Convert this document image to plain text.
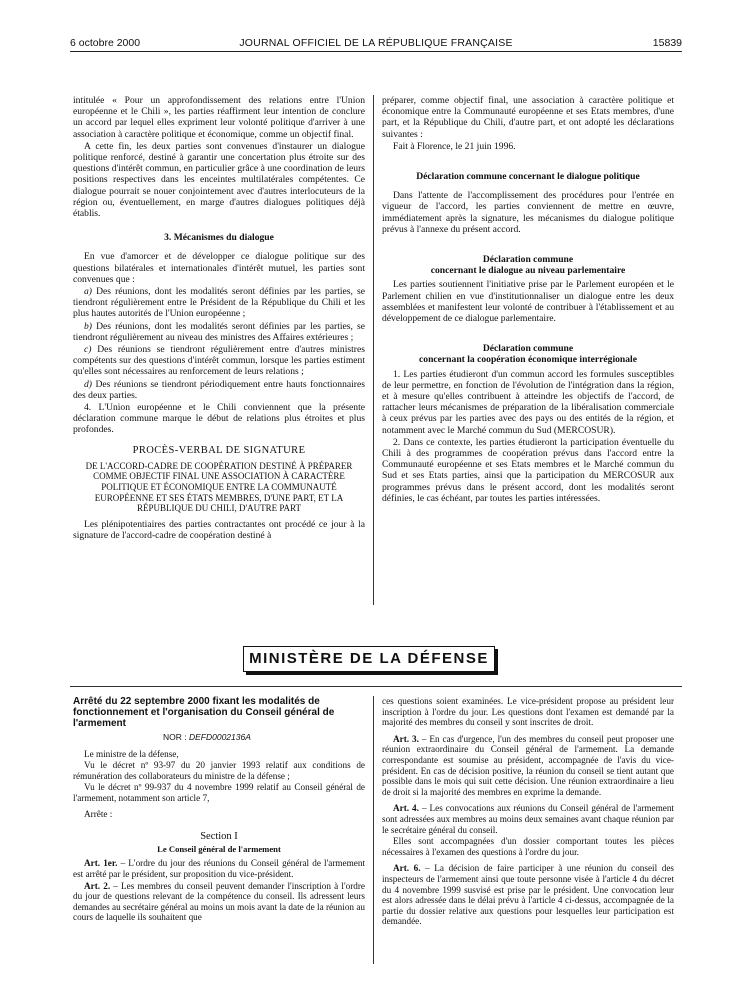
6 octobre 2000	JOURNAL OFFICIEL DE LA RÉPUBLIQUE FRANÇAISE	15839

intitulée « Pour un approfondissement des relations entre l'Union européenne et le Chili », les parties réaffirment leur intention de conclure un accord par lequel elles expriment leur volonté politique d'arriver à une association à caractère politique et économique, comme un objectif final.

A cette fin, les deux parties sont convenues d'instaurer un dialogue politique renforcé, destiné à garantir une concertation plus étroite sur des questions d'intérêt commun, en particulier grâce à une coordination de leurs positions respectives dans les enceintes multilatérales compétentes. Ce dialogue pourrait se nouer conjointement avec d'autres interlocuteurs de la région ou, éventuellement, en marge d'autres dialogues politiques déjà établis.

3. Mécanismes du dialogue

En vue d'amorcer et de développer ce dialogue politique sur des questions bilatérales et internationales d'intérêt mutuel, les parties sont convenues que :

a) Des réunions, dont les modalités seront définies par les parties, se tiendront régulièrement entre le Président de la République du Chili et les plus hautes autorités de l'Union européenne ;

b) Des réunions, dont les modalités seront définies par les parties, se tiendront régulièrement au niveau des ministres des Affaires extérieures ;

c) Des réunions se tiendront régulièrement entre d'autres ministres compétents sur des questions d'intérêt commun, lorsque les parties estiment qu'elles sont nécessaires au renforcement de leurs relations ;

d) Des réunions se tiendront périodiquement entre hauts fonctionnaires des deux parties.

4. L'Union européenne et le Chili conviennent que la présente déclaration commune marque le début de relations plus étroites et plus profondes.

PROCÈS-VERBAL DE SIGNATURE
DE L'ACCORD-CADRE DE COOPÉRATION DESTINÉ À PRÉPARER COMME OBJECTIF FINAL UNE ASSOCIATION À CARACTÈRE POLITIQUE ET ÉCONOMIQUE ENTRE LA COMMUNAUTÉ EUROPÉENNE ET SES ÉTATS MEMBRES, D'UNE PART, ET LA RÉPUBLIQUE DU CHILI, D'AUTRE PART

Les plénipotentiaires des parties contractantes ont procédé ce jour à la signature de l'accord-cadre de coopération destiné à

préparer, comme objectif final, une association à caractère politique et économique entre la Communauté européenne et ses Etats membres, d'une part, et la République du Chili, d'autre part, et ont adopté les déclarations suivantes :

Fait à Florence, le 21 juin 1996.

Déclaration commune concernant le dialogue politique

Dans l'attente de l'accomplissement des procédures pour l'entrée en vigueur de l'accord, les parties conviennent de mettre en œuvre, immédiatement après la signature, les mécanismes du dialogue politique prévus à l'annexe du présent accord.

Déclaration commune
concernant le dialogue au niveau parlementaire

Les parties soutiennent l'initiative prise par le Parlement européen et le Parlement chilien en vue d'institutionnaliser un dialogue entre les deux assemblées et manifestent leur volonté de contribuer à l'établissement et au développement de ce dialogue parlementaire.

Déclaration commune
concernant la coopération économique interrégionale

1. Les parties étudieront d'un commun accord les formules susceptibles de leur permettre, en fonction de l'évolution de l'intégration dans la région, et à mesure qu'elles contribuent à atteindre les objectifs de l'accord, de rattacher leurs mécanismes de préparation de la libéralisation commerciale à ceux prévus par les parties avec des pays ou des entités de la région, et notamment avec le Marché commun du Sud (MERCOSUR).

2. Dans ce contexte, les parties étudieront la participation éventuelle du Chili à des programmes de coopération prévus dans l'accord entre la Communauté européenne et ses Etats membres et le Marché commun du Sud et ses Etats parties, ainsi que la participation du MERCOSUR aux programmes prévus dans le présent accord, dont les modalités seront définies, le cas échéant, par toutes les parties intéressées.

MINISTÈRE DE LA DÉFENSE
Arrêté du 22 septembre 2000 fixant les modalités de fonctionnement et l'organisation du Conseil général de l'armement
NOR : DEFD0002136A

Le ministre de la défense,

Vu le décret nº 93-97 du 20 janvier 1993 relatif aux conditions de rémunération des collaborateurs du ministre de la défense ;

Vu le décret nº 99-937 du 4 novembre 1999 relatif au Conseil général de l'armement, notamment son article 7,

Arrête :

Section I
Le Conseil général de l'armement

Art. 1er. – L'ordre du jour des réunions du Conseil général de l'armement est arrêté par le président, sur proposition du vice-président.

Art. 2. – Les membres du conseil peuvent demander l'inscription à l'ordre du jour de questions relevant de la compétence du conseil. Ils adressent leurs demandes au secrétaire général au moins un mois avant la date de la réunion au cours de laquelle ils souhaitent que

ces questions soient examinées. Le vice-président propose au président leur inscription à l'ordre du jour. Les questions dont l'examen est demandé par la majorité des membres du conseil y sont inscrites de droit.

Art. 3. – En cas d'urgence, l'un des membres du conseil peut proposer une réunion extraordinaire du Conseil général de l'armement. La demande correspondante est soumise au président, accompagnée de l'avis du vice-président. En cas de décision positive, la réunion du conseil se tient autant que possible dans le mois qui suit cette décision. Une réunion extraordinaire a lieu de droit si la majorité des membres en exprime la demande.

Art. 4. – Les convocations aux réunions du Conseil général de l'armement sont adressées aux membres au moins deux semaines avant chaque réunion par le secrétaire général du conseil.

Elles sont accompagnées d'un dossier comportant toutes les pièces nécessaires à l'examen des questions à l'ordre du jour.

Art. 6. – La décision de faire participer à une réunion du conseil des inspecteurs de l'armement ainsi que toute personne visée à l'article 4 du décret du 4 novembre 1999 susvisé est prise par le président. Une convocation leur est alors adressée dans le délai prévu à l'article 4 ci-dessus, accompagnée de la partie du dossier relative aux questions pour lesquelles leur participation est demandée.
